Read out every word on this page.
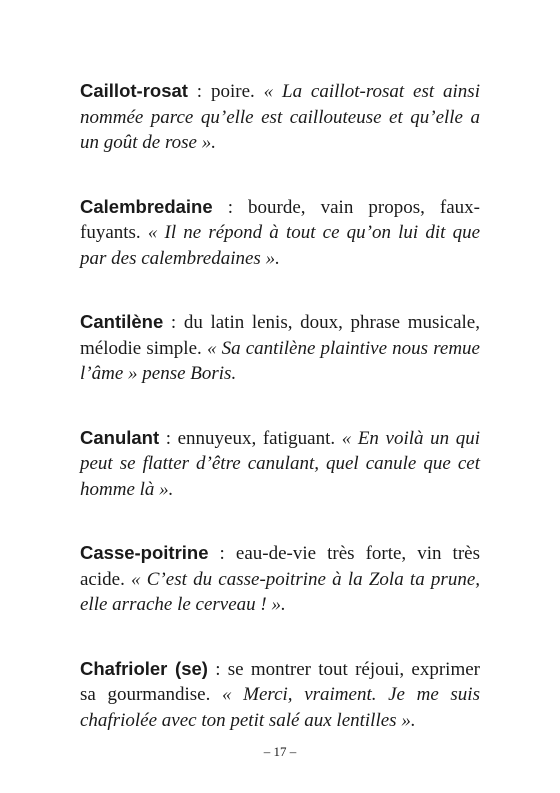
Caillot-rosat : poire. « La caillot-rosat est ainsi nommée parce qu’elle est caillouteuse et qu’elle a un goût de rose ».

Calembredaine : bourde, vain propos, faux-fuyants. « Il ne répond à tout ce qu’on lui dit que par des calembredaines ».

Cantilène : du latin lenis, doux, phrase musicale, mélodie simple. « Sa cantilène plaintive nous remue l’âme » pense Boris.

Canulant : ennuyeux, fatiguant. « En voilà un qui peut se flatter d’être canulant, quel canule que cet homme là ».

Casse-poitrine : eau-de-vie très forte, vin très acide. « C’est du casse-poitrine à la Zola ta prune, elle arrache le cerveau ! ».

Chafrioler (se) : se montrer tout réjoui, exprimer sa gourmandise. « Merci, vraiment. Je me suis chafriolée avec ton petit salé aux lentilles ».

– 17 –
